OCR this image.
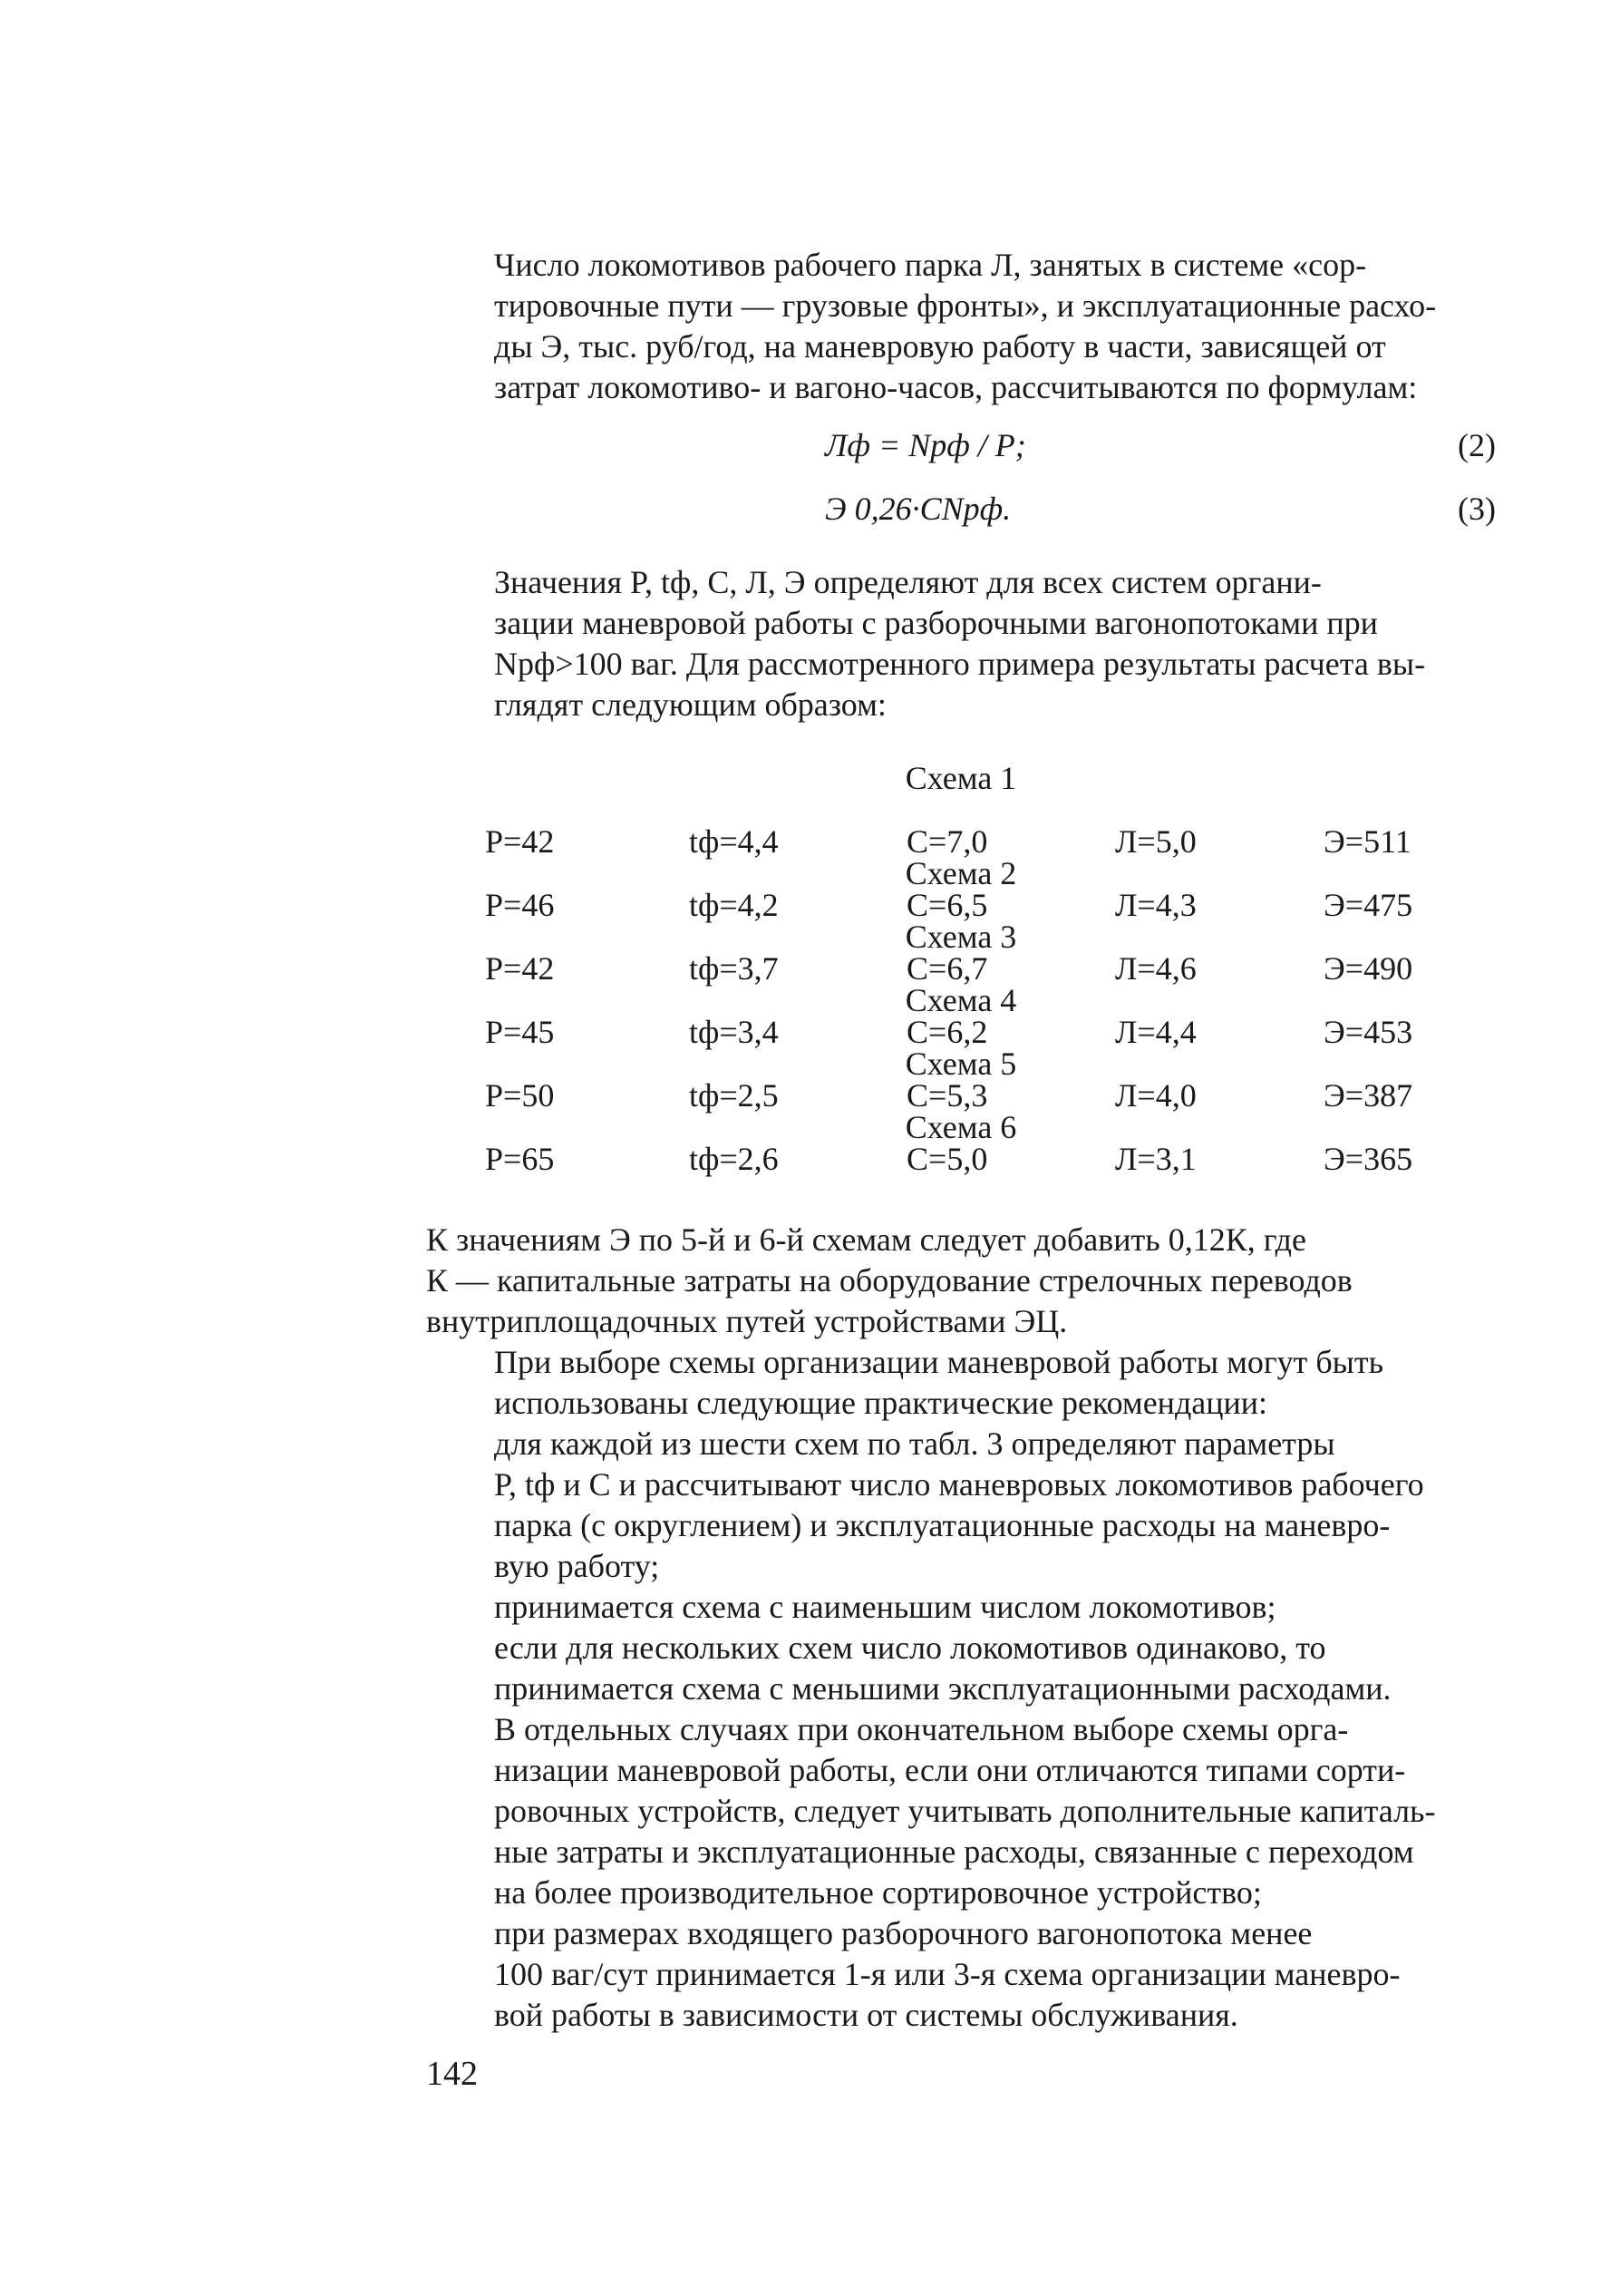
Число локомотивов рабочего парка Л, занятых в системе «сор-
тировочные пути — грузовые фронты», и эксплуатационные расхо-
ды Э, тыс. руб/год, на маневровую работу в части, зависящей от
затрат локомотиво- и вагоно-часов, рассчитываются по формулам:
Лф = Nрф / P;	(2)
Э 0,26·CNрф.	(3)
Значения P, tф, C, Л, Э определяют для всех систем органи-
зации маневровой работы с разборочными вагонопотоками при
Nрф>100 ваг. Для рассмотренного примера результаты расчета вы-
глядят следующим образом:
Схема 1
P=42	tф=4,4	C=7,0	Л=5,0	Э=511
Схема 2
P=46	tф=4,2	C=6,5	Л=4,3	Э=475
Схема 3
P=42	tф=3,7	C=6,7	Л=4,6	Э=490
Схема 4
P=45	tф=3,4	C=6,2	Л=4,4	Э=453
Схема 5
P=50	tф=2,5	C=5,3	Л=4,0	Э=387
Схема 6
P=65	tф=2,6	C=5,0	Л=3,1	Э=365
К значениям Э по 5-й и 6-й схемам следует добавить 0,12К, где
К — капитальные затраты на оборудование стрелочных переводов
внутриплощадочных путей устройствами ЭЦ.
При выборе схемы организации маневровой работы могут быть
использованы следующие практические рекомендации:
для каждой из шести схем по табл. 3 определяют параметры
P, tф и C и рассчитывают число маневровых локомотивов рабочего
парка (с округлением) и эксплуатационные расходы на маневро-
вую работу;
принимается схема с наименьшим числом локомотивов;
если для нескольких схем число локомотивов одинаково, то
принимается схема с меньшими эксплуатационными расходами.
В отдельных случаях при окончательном выборе схемы орга-
низации маневровой работы, если они отличаются типами сорти-
ровочных устройств, следует учитывать дополнительные капиталь-
ные затраты и эксплуатационные расходы, связанные с переходом
на более производительное сортировочное устройство;
при размерах входящего разборочного вагонопотока менее
100 ваг/сут принимается 1-я или 3-я схема организации маневро-
вой работы в зависимости от системы обслуживания.
142
